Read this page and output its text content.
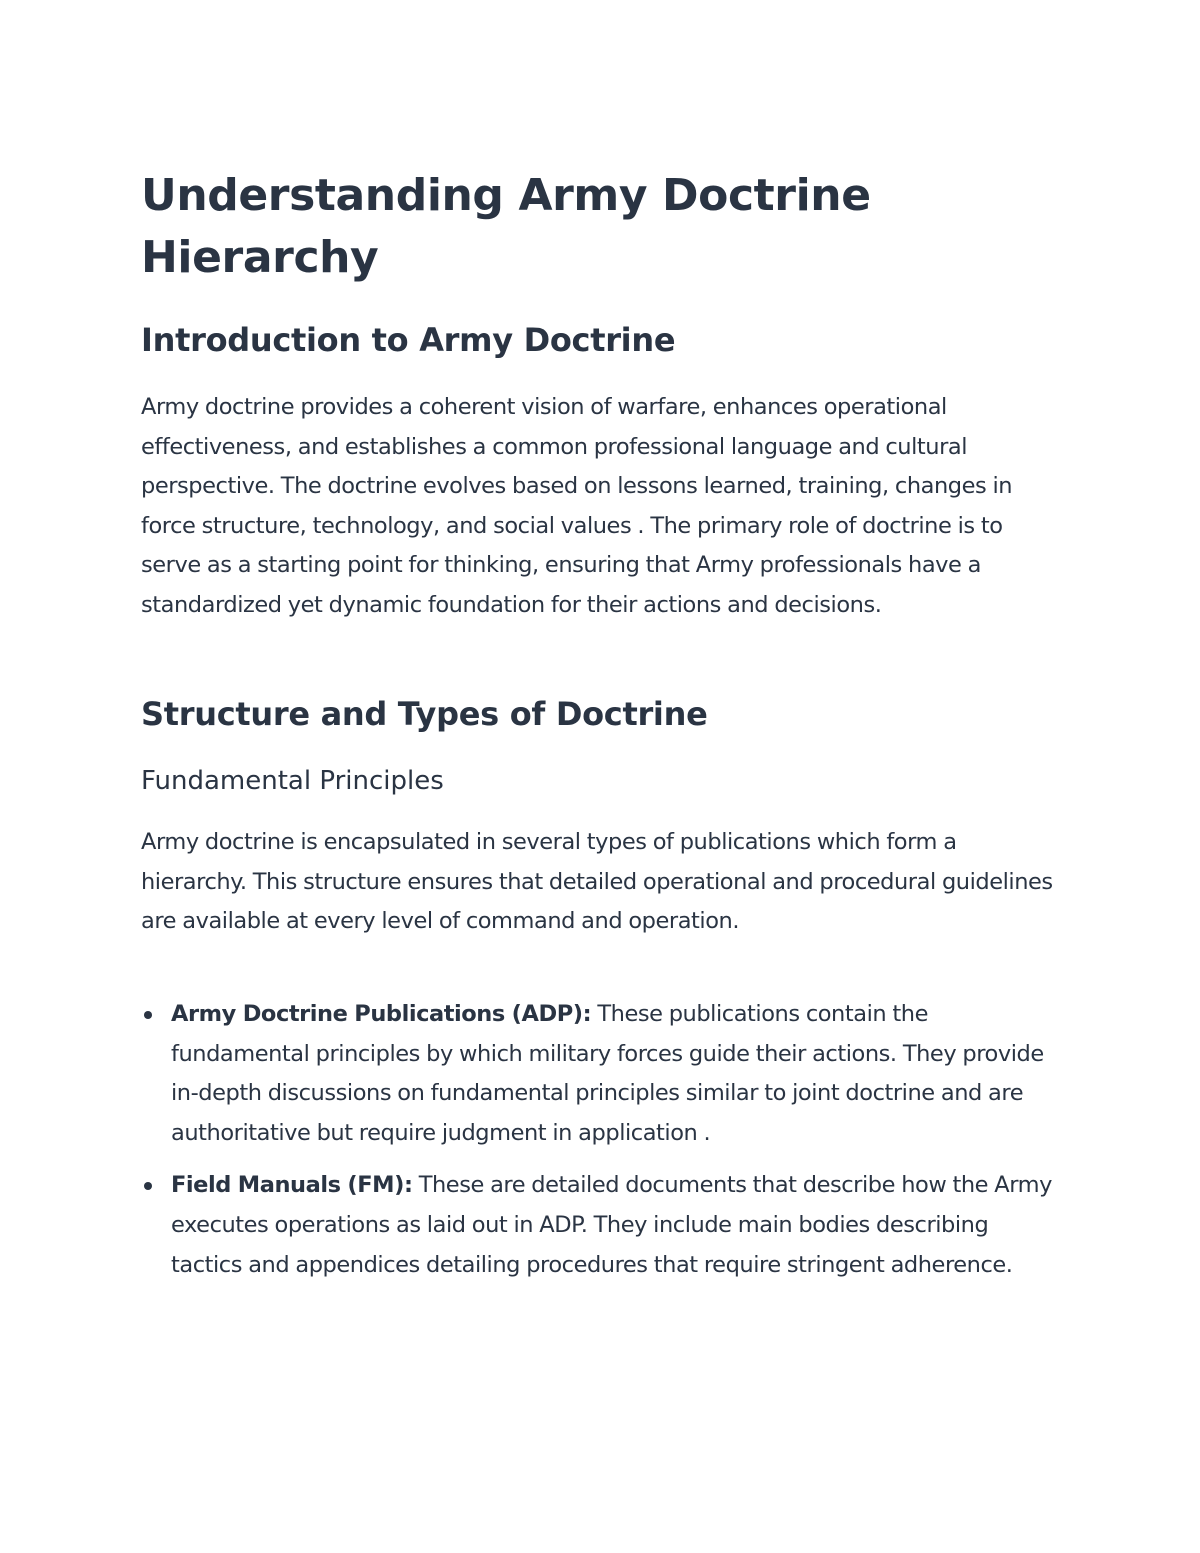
Understanding Army Doctrine Hierarchy
Introduction to Army Doctrine

Army doctrine provides a coherent vision of warfare, enhances operational effectiveness, and establishes a common professional language and cultural perspective. The doctrine evolves based on lessons learned, training, changes in force structure, technology, and social values . The primary role of doctrine is to serve as a starting point for thinking, ensuring that Army professionals have a standardized yet dynamic foundation for their actions and decisions.

Structure and Types of Doctrine
Fundamental Principles

Army doctrine is encapsulated in several types of publications which form a hierarchy. This structure ensures that detailed operational and procedural guidelines are available at every level of command and operation.

Army Doctrine Publications (ADP): These publications contain the fundamental principles by which military forces guide their actions. They provide in-depth discussions on fundamental principles similar to joint doctrine and are authoritative but require judgment in application .
Field Manuals (FM): These are detailed documents that describe how the Army executes operations as laid out in ADP. They include main bodies describing tactics and appendices detailing procedures that require stringent adherence.
